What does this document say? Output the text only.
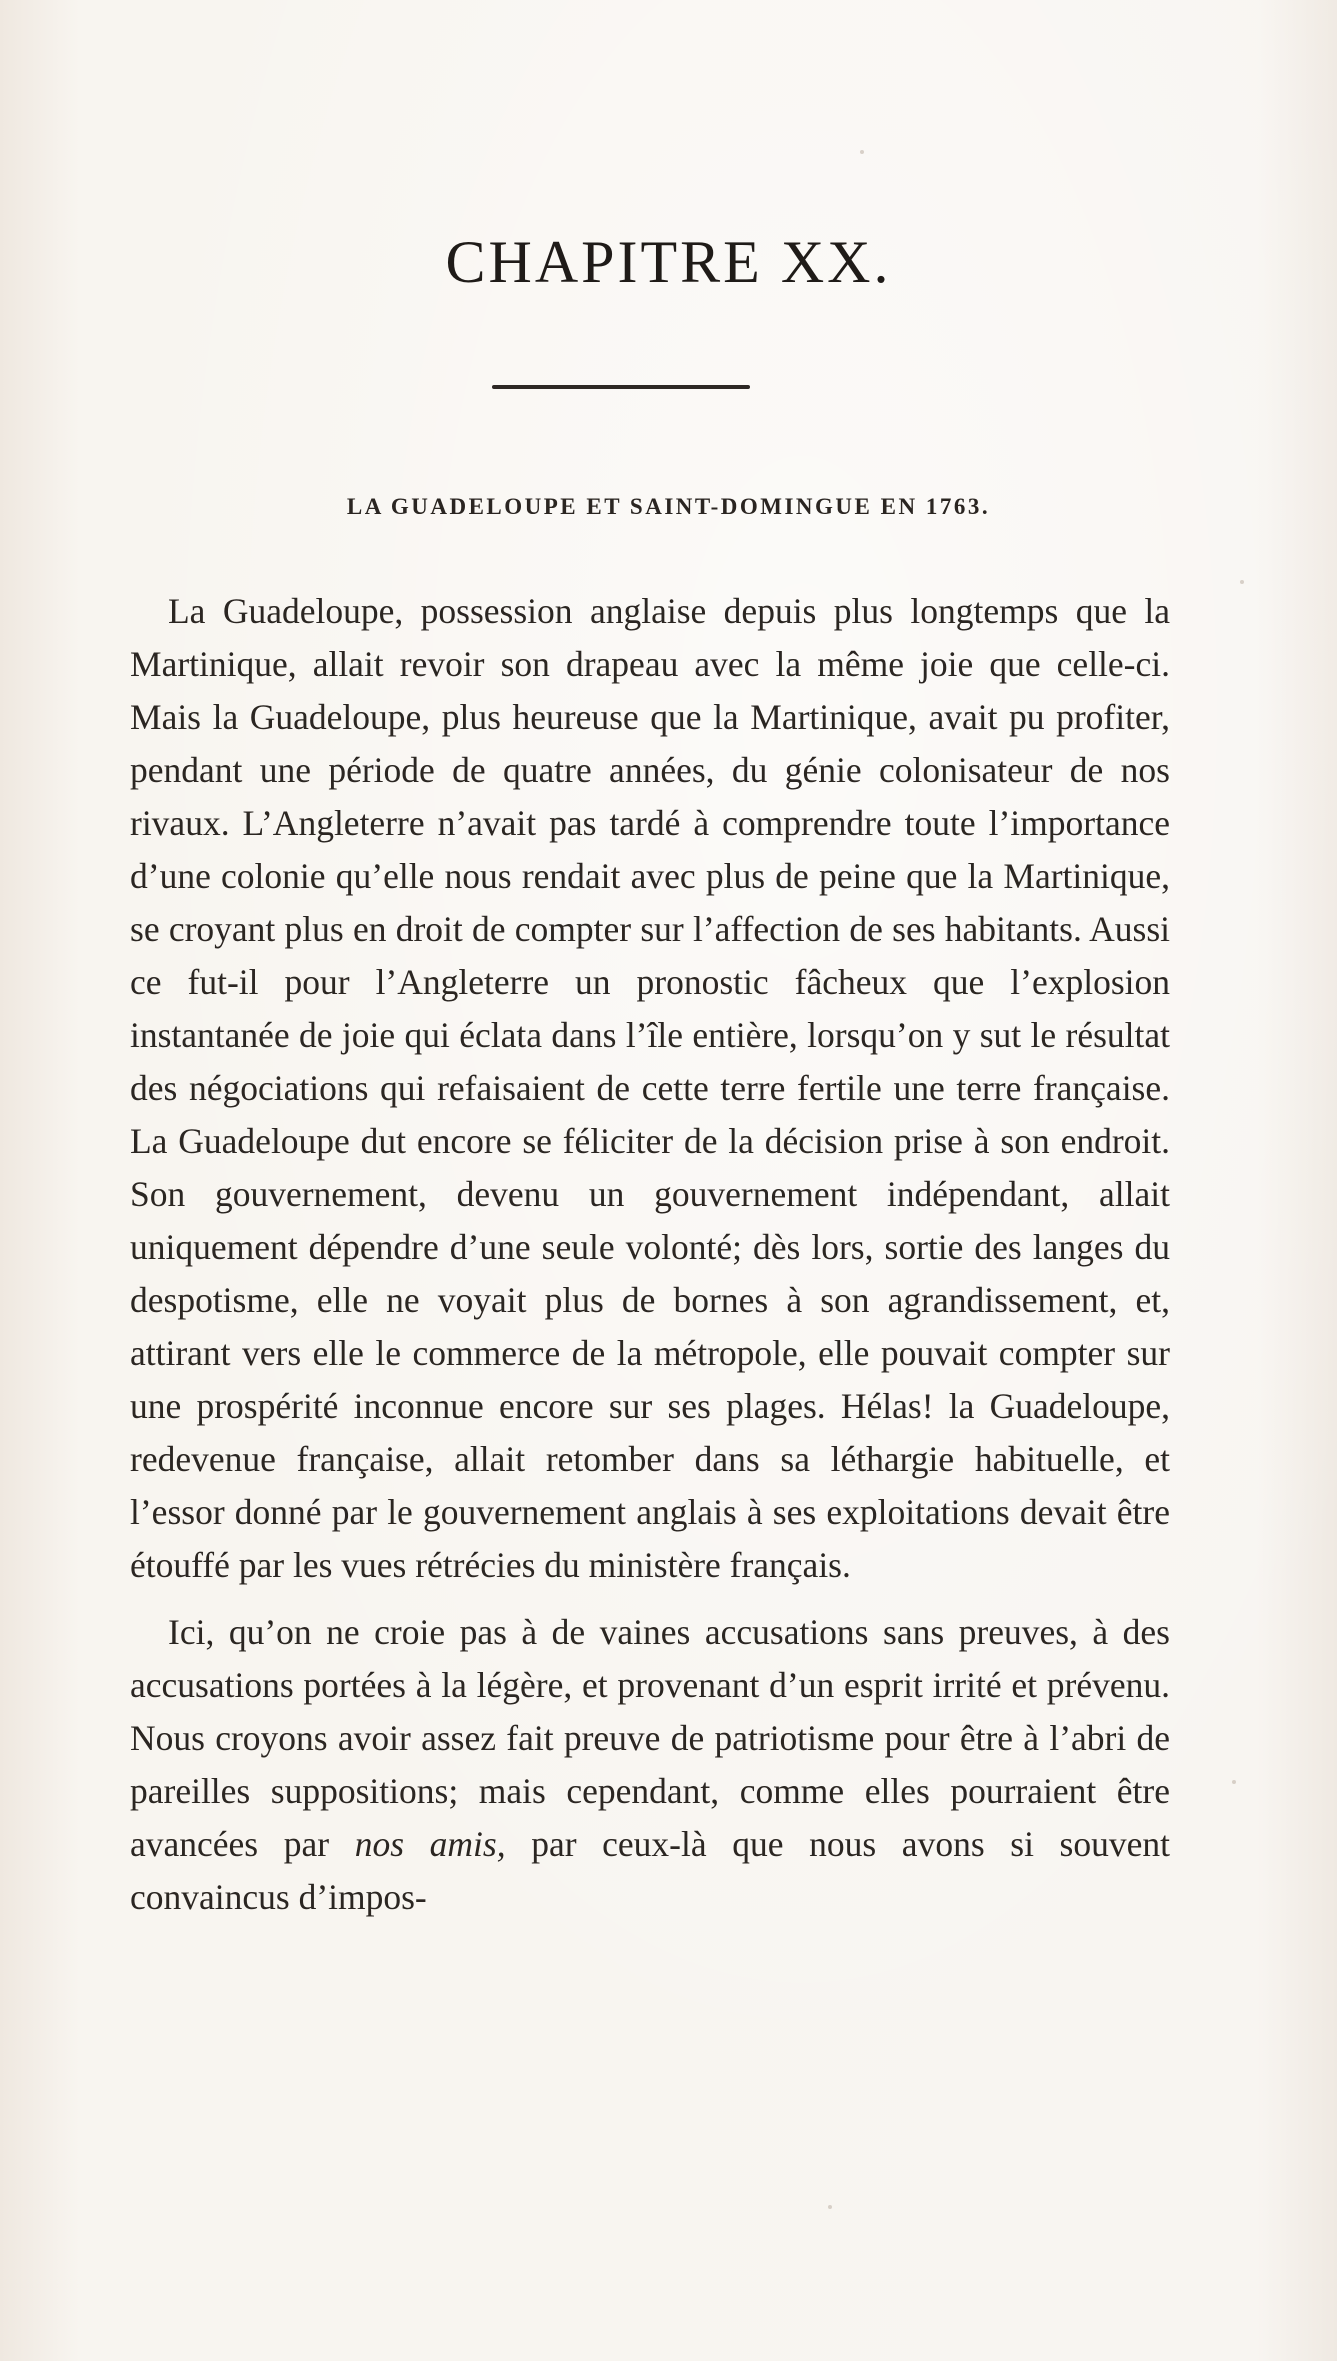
CHAPITRE XX.
LA GUADELOUPE ET SAINT-DOMINGUE EN 1763.

La Guadeloupe, possession anglaise depuis plus longtemps que la Martinique, allait revoir son drapeau avec la même joie que celle-ci. Mais la Guadeloupe, plus heureuse que la Martinique, avait pu profiter, pendant une période de quatre années, du génie colonisateur de nos rivaux. L’Angleterre n’avait pas tardé à comprendre toute l’importance d’une colonie qu’elle nous rendait avec plus de peine que la Martinique, se croyant plus en droit de compter sur l’affection de ses habitants. Aussi ce fut-il pour l’Angleterre un pronostic fâcheux que l’explosion instantanée de joie qui éclata dans l’île entière, lorsqu’on y sut le résultat des négociations qui refaisaient de cette terre fertile une terre française. La Guadeloupe dut encore se féliciter de la décision prise à son endroit. Son gouvernement, devenu un gouvernement indépendant, allait uniquement dépendre d’une seule volonté; dès lors, sortie des langes du despotisme, elle ne voyait plus de bornes à son agrandissement, et, attirant vers elle le commerce de la métropole, elle pouvait compter sur une prospérité inconnue encore sur ses plages. Hélas! la Guadeloupe, redevenue française, allait retomber dans sa léthargie habituelle, et l’essor donné par le gouvernement anglais à ses exploitations devait être étouffé par les vues rétrécies du ministère français.

Ici, qu’on ne croie pas à de vaines accusations sans preuves, à des accusations portées à la légère, et provenant d’un esprit irrité et prévenu. Nous croyons avoir assez fait preuve de patriotisme pour être à l’abri de pareilles suppositions; mais cependant, comme elles pourraient être avancées par nos amis, par ceux-là que nous avons si souvent convaincus d’impos-
